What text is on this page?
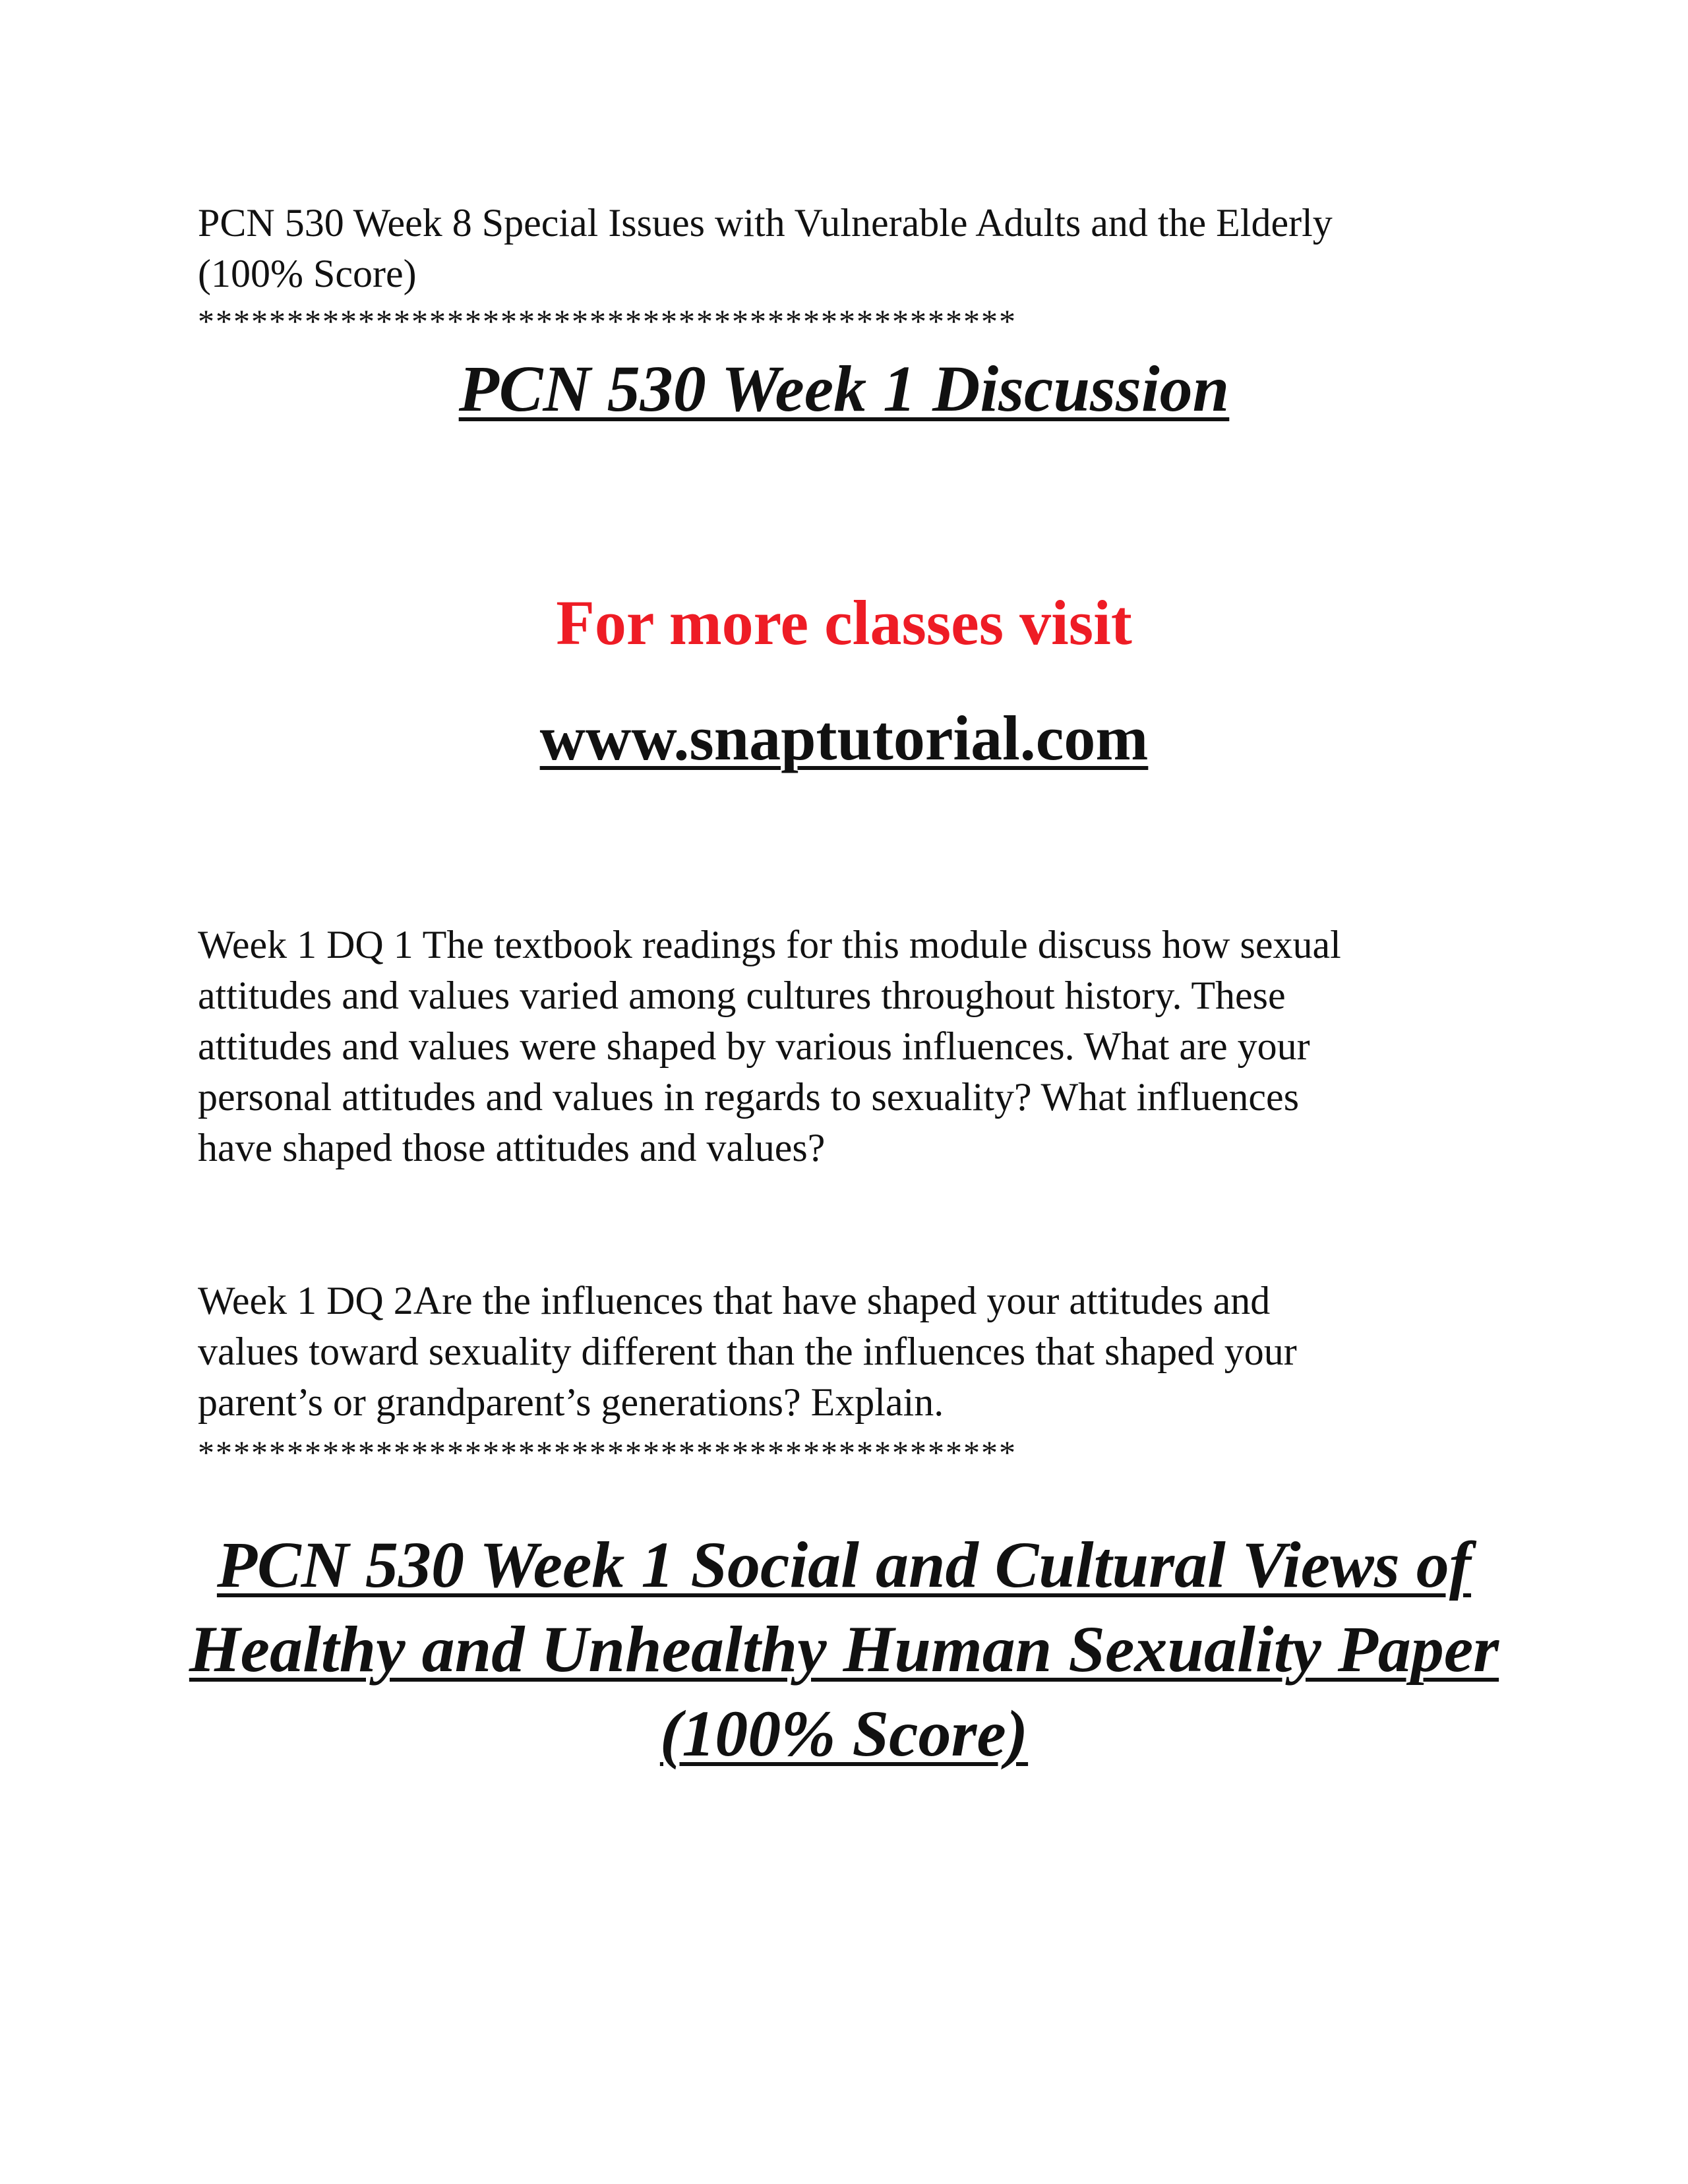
PCN 530 Week 8 Special Issues with Vulnerable Adults and the Elderly

(100% Score)

**********************************************

PCN 530 Week 1 Discussion

For more classes visit

www.snaptutorial.com

Week 1 DQ 1 The textbook readings for this module discuss how sexual

attitudes and values varied among cultures throughout history. These

attitudes and values were shaped by various influences. What are your

personal attitudes and values in regards to sexuality? What influences

have shaped those attitudes and values?

Week 1 DQ 2Are the influences that have shaped your attitudes and

values toward sexuality different than the influences that shaped your

parent’s or grandparent’s generations? Explain.

**********************************************

PCN 530 Week 1 Social and Cultural Views of
Healthy and Unhealthy Human Sexuality Paper
(100% Score)
